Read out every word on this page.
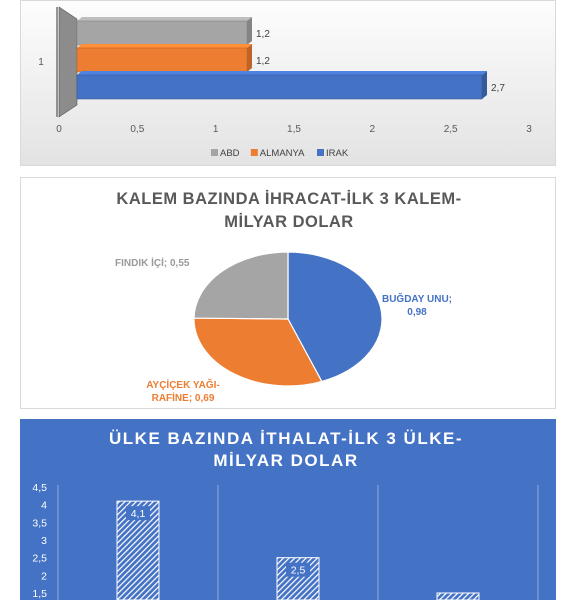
1
1,2
1,2
2,7
0	0,5	1	1,5	2	2,5	3
ABD ALMANYA IRAK
KALEM BAZINDA İHRACAT-İLK 3 KALEM-
MİLYAR DOLAR
BUĞDAY UNU;
0,98
AYÇİÇEK YAĞI-
RAFİNE; 0,69
FINDIK İÇİ; 0,55
ÜLKE BAZINDA İTHALAT-İLK 3 ÜLKE-
MİLYAR DOLAR
1,5
2
2,5
3
3,5
4
4,5
4,1
2,5
